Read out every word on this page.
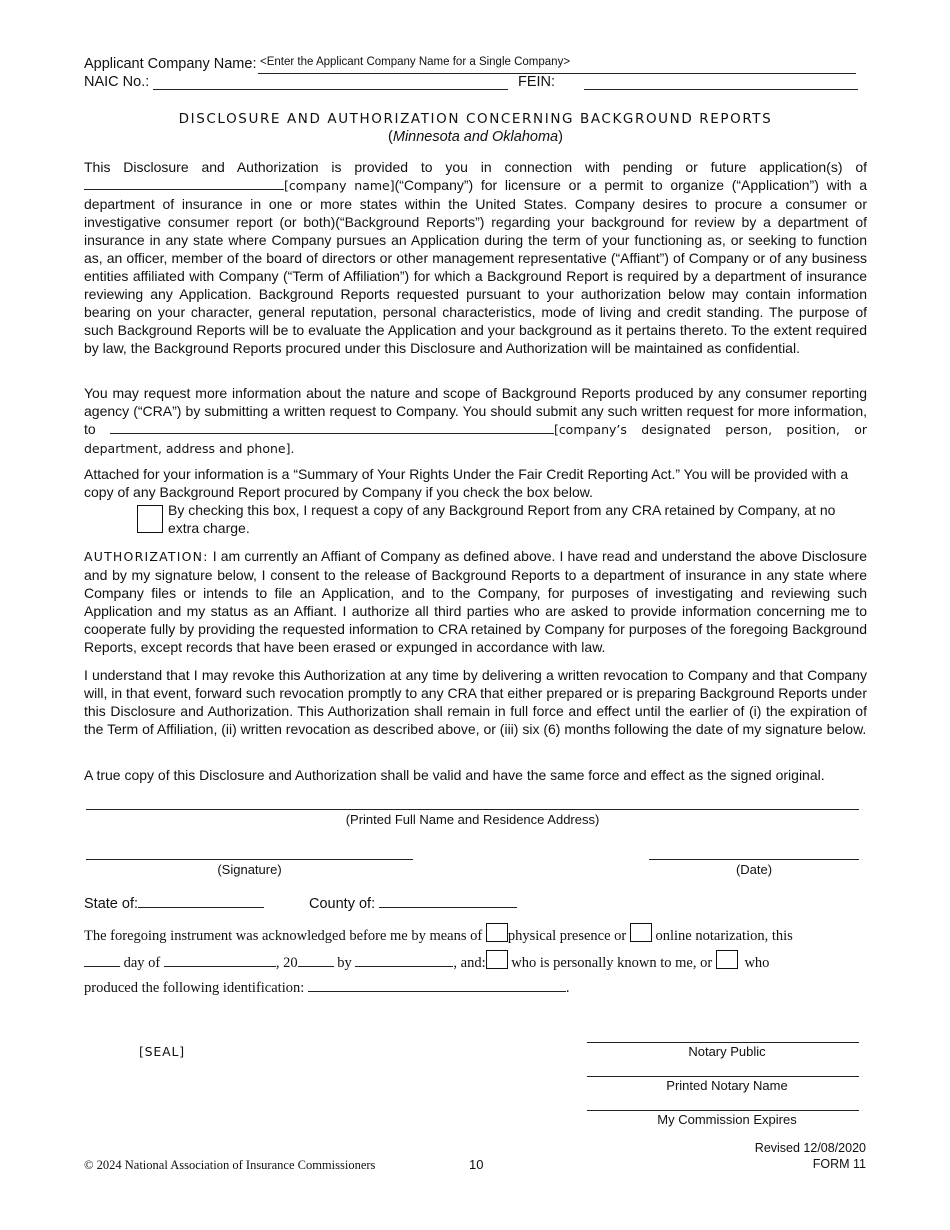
Applicant Company Name: <Enter the Applicant Company Name for a Single Company>
NAIC No.:	FEIN:
DISCLOSURE AND AUTHORIZATION CONCERNING BACKGROUND REPORTS
(Minnesota and Oklahoma)

This Disclosure and Authorization is provided to you in connection with pending or future application(s) of [company name](“Company”) for licensure or a permit to organize (“Application”) with a department of insurance in one or more states within the United States. Company desires to procure a consumer or investigative consumer report (or both)(“Background Reports”) regarding your background for review by a department of insurance in any state where Company pursues an Application during the term of your functioning as, or seeking to function as, an officer, member of the board of directors or other management representative (“Affiant”) of Company or of any business entities affiliated with Company (“Term of Affiliation”) for which a Background Report is required by a department of insurance reviewing any Application. Background Reports requested pursuant to your authorization below may contain information bearing on your character, general reputation, personal characteristics, mode of living and credit standing. The purpose of such Background Reports will be to evaluate the Application and your background as it pertains thereto. To the extent required by law, the Background Reports procured under this Disclosure and Authorization will be maintained as confidential.

You may request more information about the nature and scope of Background Reports produced by any consumer reporting agency (“CRA”) by submitting a written request to Company. You should submit any such written request for more information, to	[company’s designated person, position, or department, address and phone].

Attached for your information is a “Summary of Your Rights Under the Fair Credit Reporting Act.” You will be provided with a copy of any Background Report procured by Company if you check the box below.

By checking this box, I request a copy of any Background Report from any CRA retained by Company, at no extra charge.

AUTHORIZATION: I am currently an Affiant of Company as defined above. I have read and understand the above Disclosure and by my signature below, I consent to the release of Background Reports to a department of insurance in any state where Company files or intends to file an Application, and to the Company, for purposes of investigating and reviewing such Application and my status as an Affiant. I authorize all third parties who are asked to provide information concerning me to cooperate fully by providing the requested information to CRA retained by Company for purposes of the foregoing Background Reports, except records that have been erased or expunged in accordance with law.

I understand that I may revoke this Authorization at any time by delivering a written revocation to Company and that Company will, in that event, forward such revocation promptly to any CRA that either prepared or is preparing Background Reports under this Disclosure and Authorization. This Authorization shall remain in full force and effect until the earlier of (i) the expiration of the Term of Affiliation, (ii) written revocation as described above, or (iii) six (6) months following the date of my signature below.

A true copy of this Disclosure and Authorization shall be valid and have the same force and effect as the signed original.

(Printed Full Name and Residence Address)
(Signature)	(Date)
State of:	County of:
The foregoing instrument was acknowledged before me by means of physical presence or online notarization, this
day of	, 20	by	, and: who is personally known to me, or who
produced the following identification:	.
[SEAL]	Notary Public
Printed Notary Name
My Commission Expires
© 2024 National Association of Insurance Commissioners	10
Revised 12/08/2020
FORM 11
